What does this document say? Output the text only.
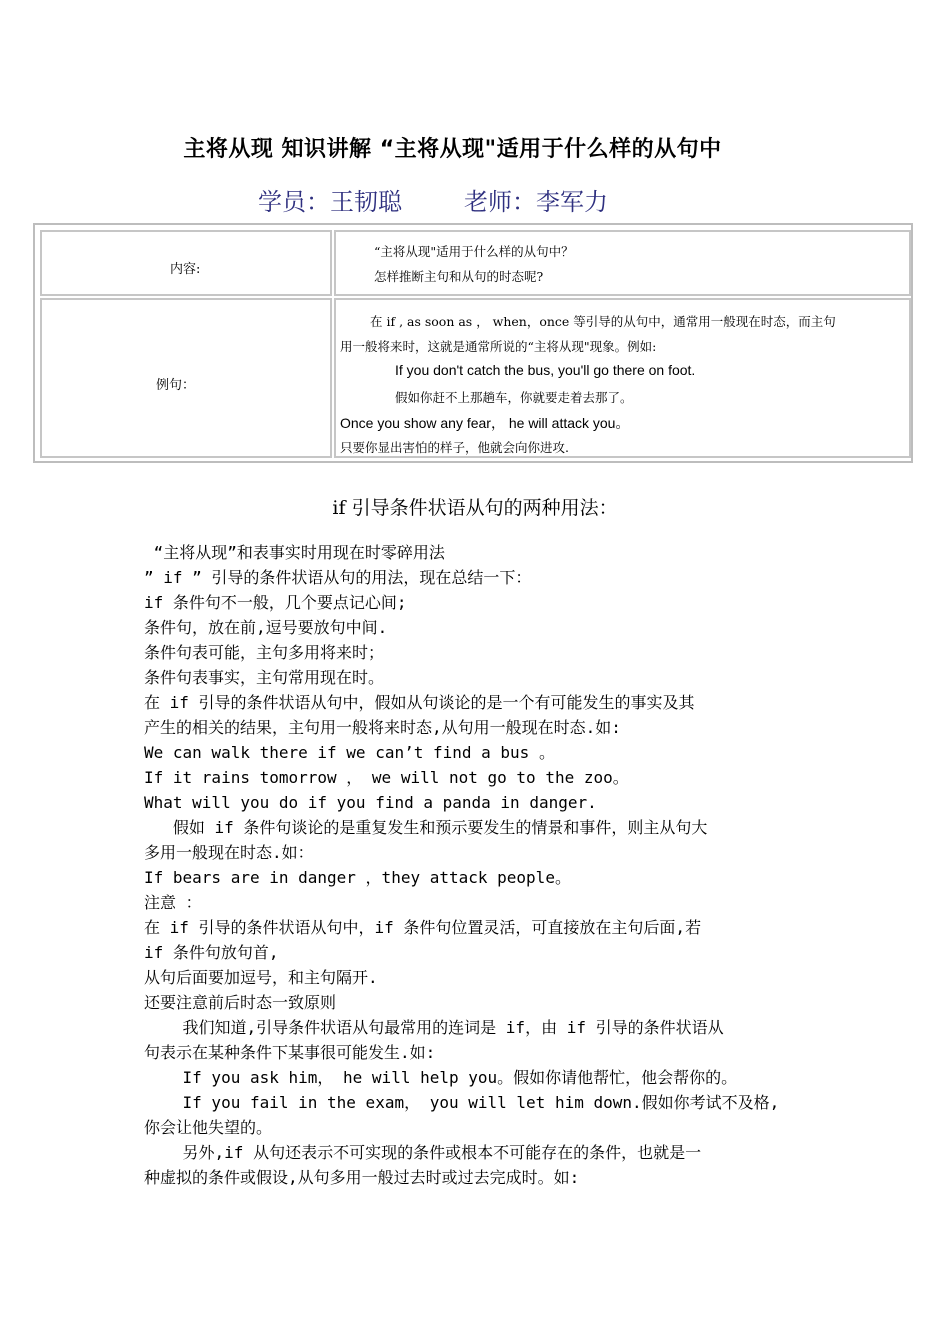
主将从现 知识讲解 “主将从现"适用于什么样的从句中
学员：王韧聪	老师：李军力
内容:
“主将从现"适用于什么样的从句中？
怎样推断主句和从句的时态呢?
例句：
在 if , as soon as ， when，once 等引导的从句中，通常用一般现在时态，而主句
用一般将来时，这就是通常所说的“主将从现"现象。例如:
If you don't catch the bus, you'll go there on foot.
假如你赶不上那趟车，你就要走着去那了。
Once you show any fear， he will attack you。
只要你显出害怕的样子，他就会向你进攻.
if 引导条件状语从句的两种用法：
“主将从现”和表事实时用现在时零碎用法
” if ” 引导的条件状语从句的用法，现在总结一下：
if 条件句不一般，几个要点记心间;
条件句，放在前,逗号要放句中间.
条件句表可能，主句多用将来时；
条件句表事实，主句常用现在时。
在 if 引导的条件状语从句中，假如从句谈论的是一个有可能发生的事实及其
产生的相关的结果，主句用一般将来时态,从句用一般现在时态.如:
We can walk there if we can’t find a bus 。
If it rains tomorrow ， we will not go to the zoo。
What will you do if you find a panda in danger.
假如 if 条件句谈论的是重复发生和预示要发生的情景和事件，则主从句大
多用一般现在时态.如：
If bears are in danger ，they attack people。
注意 ：
在 if 引导的条件状语从句中，if 条件句位置灵活，可直接放在主句后面,若
if 条件句放句首,
从句后面要加逗号，和主句隔开.
还要注意前后时态一致原则
我们知道,引导条件状语从句最常用的连词是 if，由 if 引导的条件状语从
句表示在某种条件下某事很可能发生.如:
If you ask him， he will help you。假如你请他帮忙，他会帮你的。
If you fail in the exam， you will let him down.假如你考试不及格,
你会让他失望的。
另外,if 从句还表示不可实现的条件或根本不可能存在的条件，也就是一
种虚拟的条件或假设,从句多用一般过去时或过去完成时。如:
